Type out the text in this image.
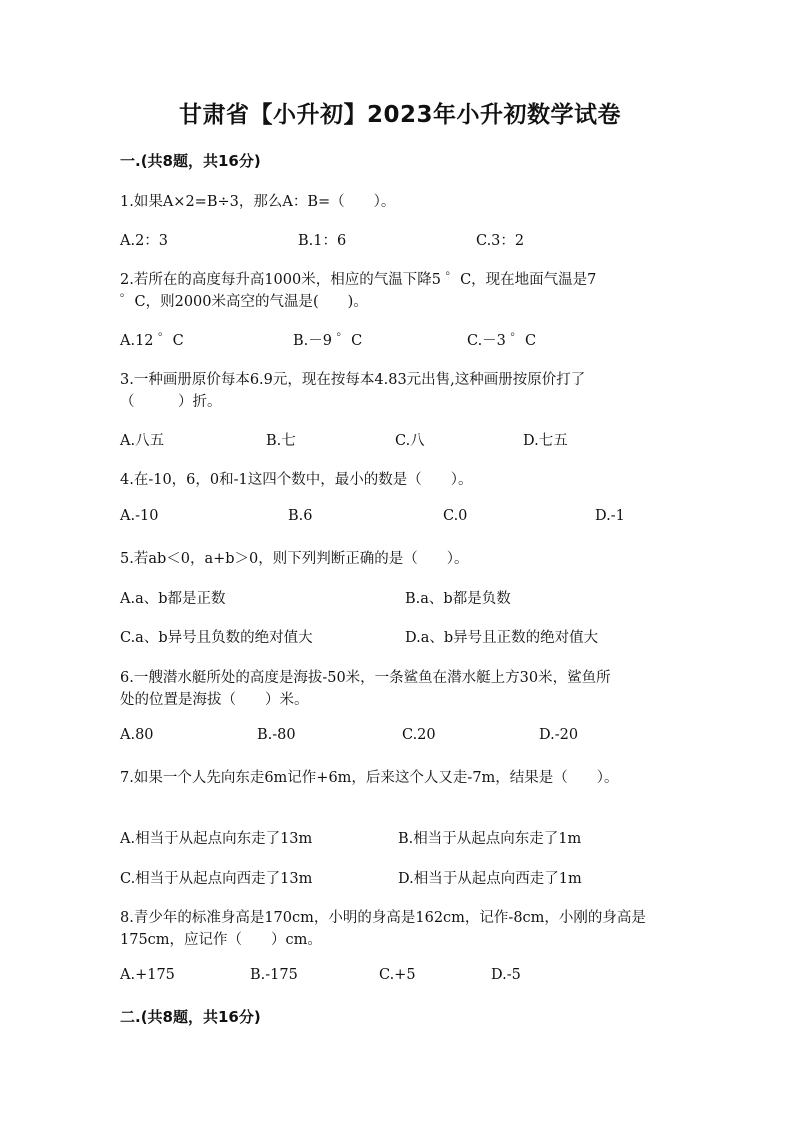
甘肃省【小升初】2023年小升初数学试卷
一.(共8题，共16分)
1.如果A×2=B÷3，那么A：B=（　　）。
A.2：3	B.1：6	C.3：2
2.若所在的高度每升高1000米，相应的气温下降5 ゜C，现在地面气温是7
゜C，则2000米高空的气温是(　　)。
A.12 ゜C	B.－9 ゜C	C.－3 ゜C
3.一种画册原价每本6.9元，现在按每本4.83元出售,这种画册按原价打了
（　　　）折。
A.八五	B.七	C.八	D.七五
4.在-10，6，0和-1这四个数中，最小的数是（　　）。
A.-10	B.6	C.0	D.-1
5.若ab＜0，a+b＞0，则下列判断正确的是（　　）。
A.a、b都是正数	B.a、b都是负数
C.a、b异号且负数的绝对值大	D.a、b异号且正数的绝对值大
6.一艘潜水艇所处的高度是海拔-50米，一条鲨鱼在潜水艇上方30米，鲨鱼所
处的位置是海拔（　　）米。
A.80	B.-80	C.20	D.-20
7.如果一个人先向东走6m记作+6m，后来这个人又走-7m，结果是（　　）。
A.相当于从起点向东走了13m	B.相当于从起点向东走了1m
C.相当于从起点向西走了13m	D.相当于从起点向西走了1m
8.青少年的标准身高是170cm，小明的身高是162cm，记作-8cm，小刚的身高是
175cm，应记作（　　）cm。
A.+175	B.-175	C.+5	D.-5
二.(共8题，共16分)
